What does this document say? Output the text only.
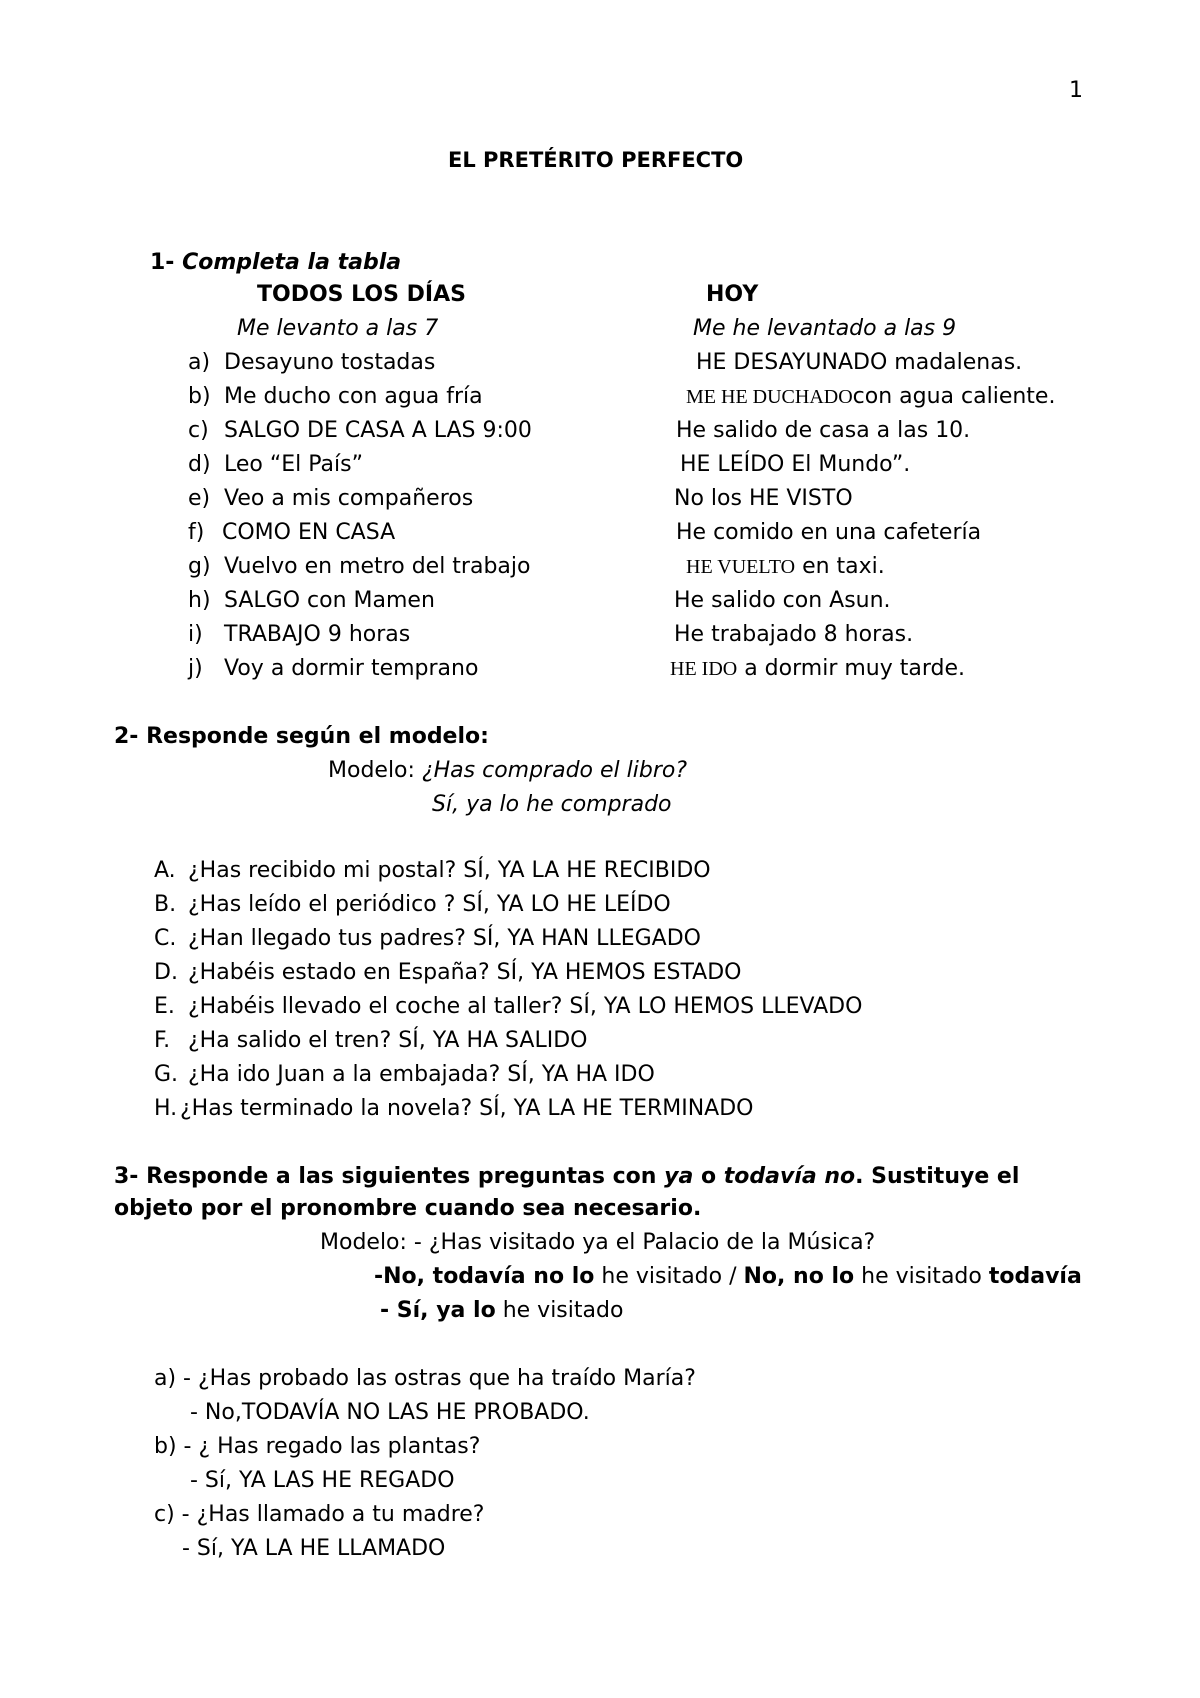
1
EL PRETÉRITO PERFECTO
1- Completa la tabla
TODOS LOS DÍAS	HOY
Me levanto a las 7	Me he levantado a las 9
a) Desayuno tostadas	HE DESAYUNADO madalenas.
b) Me ducho con agua fría	ME HE DUCHADOcon agua caliente.
c) SALGO DE CASA A LAS 9:00	He salido de casa a las 10.
d) Leo “El País”	HE LEÍDO El Mundo”.
e) Veo a mis compañeros	No los HE VISTO
f) COMO EN CASA	He comido en una cafetería
g) Vuelvo en metro del trabajo	HE VUELTO en taxi.
h) SALGO con Mamen	He salido con Asun.
i) TRABAJO 9 horas	He trabajado 8 horas.
j) Voy a dormir temprano	HE IDO a dormir muy tarde.
2- Responde según el modelo:
Modelo: ¿Has comprado el libro?
Sí, ya lo he comprado
A. ¿Has recibido mi postal? SÍ, YA LA HE RECIBIDO
B. ¿Has leído el periódico ? SÍ, YA LO HE LEÍDO
C. ¿Han llegado tus padres? SÍ, YA HAN LLEGADO
D. ¿Habéis estado en España? SÍ, YA HEMOS ESTADO
E. ¿Habéis llevado el coche al taller? SÍ, YA LO HEMOS LLEVADO
F. ¿Ha salido el tren? SÍ, YA HA SALIDO
G. ¿Ha ido Juan a la embajada? SÍ, YA HA IDO
H. ¿Has terminado la novela? SÍ, YA LA HE TERMINADO
3- Responde a las siguientes preguntas con ya o todavía no. Sustituye el
objeto por el pronombre cuando sea necesario.
Modelo: - ¿Has visitado ya el Palacio de la Música?
-No, todavía no lo he visitado / No, no lo he visitado todavía
- Sí, ya lo he visitado
a) - ¿Has probado las ostras que ha traído María?
- No,TODAVÍA NO LAS HE PROBADO.
b) - ¿ Has regado las plantas?
- Sí, YA LAS HE REGADO
c) - ¿Has llamado a tu madre?
- Sí, YA LA HE LLAMADO
